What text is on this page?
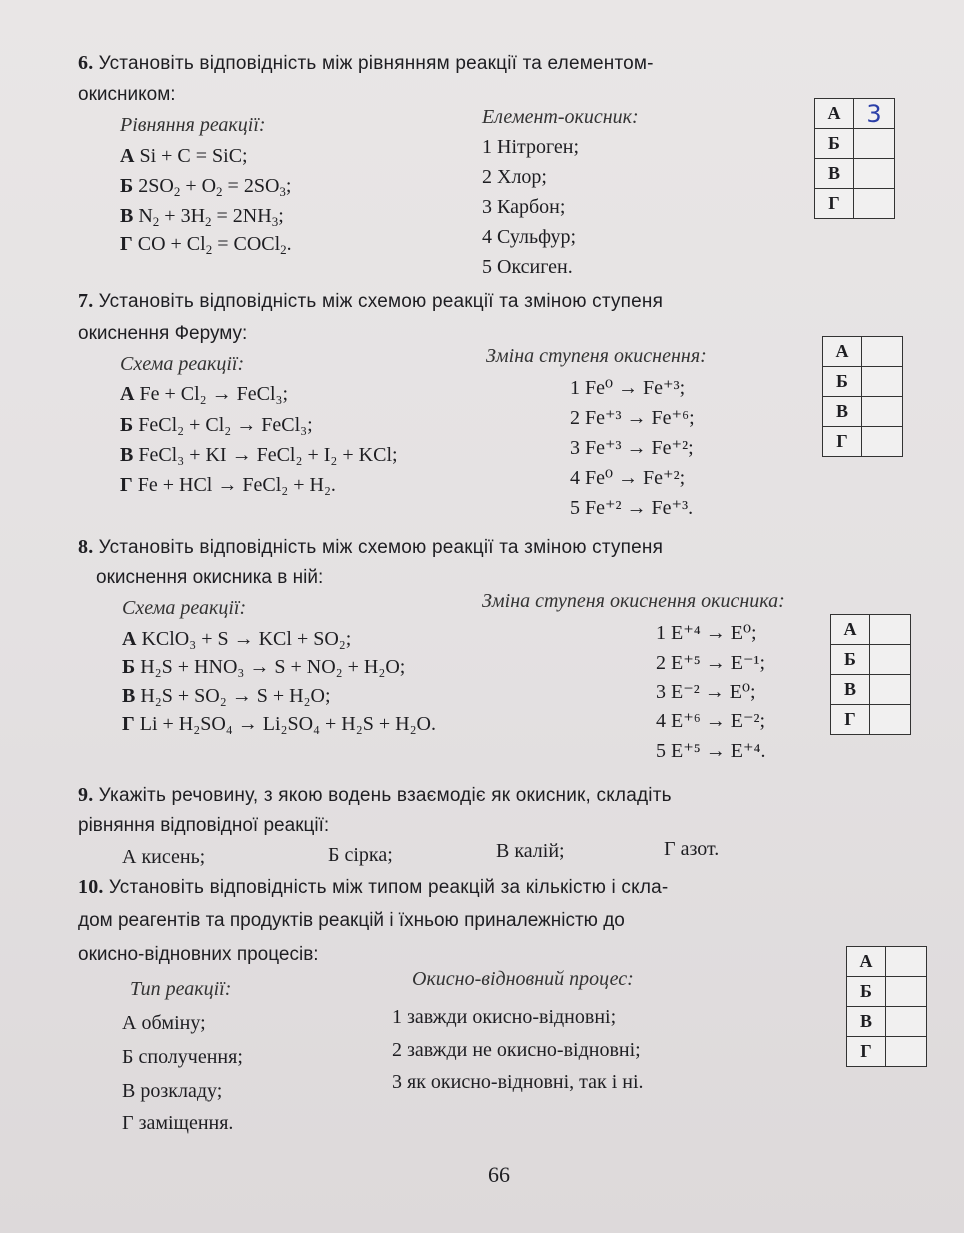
6. Установіть відповідність між рівнянням реакції та елементом-
окисником:
Рівняння реакції:	Елемент-окисник:
А Si + C = SiC;
Б $2SO_2 + O_2 = 2SO_3$;
В $N_2 + 3H_2 = 2NH_3$;
Г CO + $Cl_2$ = COCl$_2$.
1 Нітроген;
2 Хлор;
3 Карбон;
4 Сульфур;
5 Оксиген.
А	3
Б	
В	
Г	
7. Установіть відповідність між схемою реакції та зміною ступеня
окиснення Феруму:
Схема реакції:	Зміна ступеня окиснення:
А Fe + Cl₂ → FeCl₃;
Б FeCl₂ + Cl₂ → FeCl₃;
В FeCl₃ + KI → FeCl₂ + I₂ + KCl;
Г Fe + HCl → FeCl₂ + H₂.
1 Fe⁰ → Fe⁺³;
2 Fe⁺³ → Fe⁺⁶;
3 Fe⁺³ → Fe⁺²;
4 Fe⁰ → Fe⁺²;
5 Fe⁺² → Fe⁺³.
А	
Б	
В	
Г	
8. Установіть відповідність між схемою реакції та зміною ступеня
окиснення окисника в ній:
Схема реакції:	Зміна ступеня окиснення окисника:
А KClO₃ + S → KCl + SO₂;
Б H₂S + HNO₃ → S + NO₂ + H₂O;
В H₂S + SO₂ → S + H₂O;
Г Li + H₂SO₄ → Li₂SO₄ + H₂S + H₂O.
1 E⁺⁴ → E⁰;
2 E⁺⁵ → E⁻¹;
3 E⁻² → E⁰;
4 E⁺⁶ → E⁻²;
5 E⁺⁵ → E⁺⁴.
А	
Б	
В	
Г	
9. Укажіть речовину, з якою водень взаємодіє як окисник, складіть
рівняння відповідної реакції:
А кисень;	Б сірка;	В калій;	Г азот.
10. Установіть відповідність між типом реакцій за кількістю і скла-
дом реагентів та продуктів реакцій і їхньою приналежністю до
окисно-відновних процесів:
Тип реакції:	Окисно-відновний процес:
А обміну;
Б сполучення;
В розкладу;
Г заміщення.
1 завжди окисно-відновні;
2 завжди не окисно-відновні;
3 як окисно-відновні, так і ні.
А	
Б	
В	
Г	
66
